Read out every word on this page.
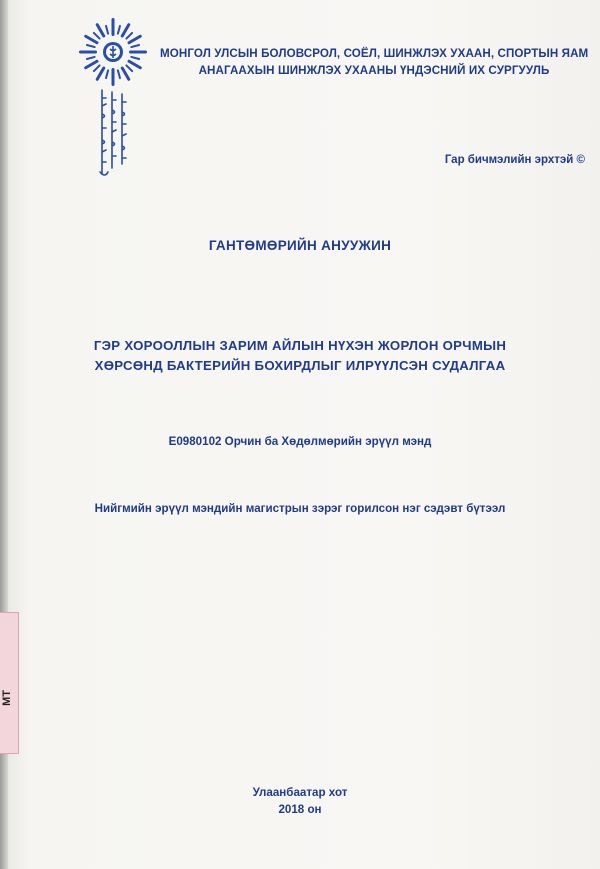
МТ
МОНГОЛ УЛСЫН БОЛОВСРОЛ, СОЁЛ, ШИНЖЛЭХ УХААН, СПОРТЫН ЯАМ
АНАГААХЫН ШИНЖЛЭХ УХААНЫ ҮНДЭСНИЙ ИХ СУРГУУЛЬ
Гар бичмэлийн эрхтэй ©
ГАНТӨМӨРИЙН АНУУЖИН
ГЭР ХОРООЛЛЫН ЗАРИМ АЙЛЫН НҮХЭН ЖОРЛОН ОРЧМЫН
ХӨРСӨНД БАКТЕРИЙН БОХИРДЛЫГ ИЛРҮҮЛСЭН СУДАЛГАА
E0980102 Орчин ба Хөдөлмөрийн эрүүл мэнд
Нийгмийн эрүүл мэндийн магистрын зэрэг горилсон нэг сэдэвт бүтээл
Улаанбаатар хот
2018 он
